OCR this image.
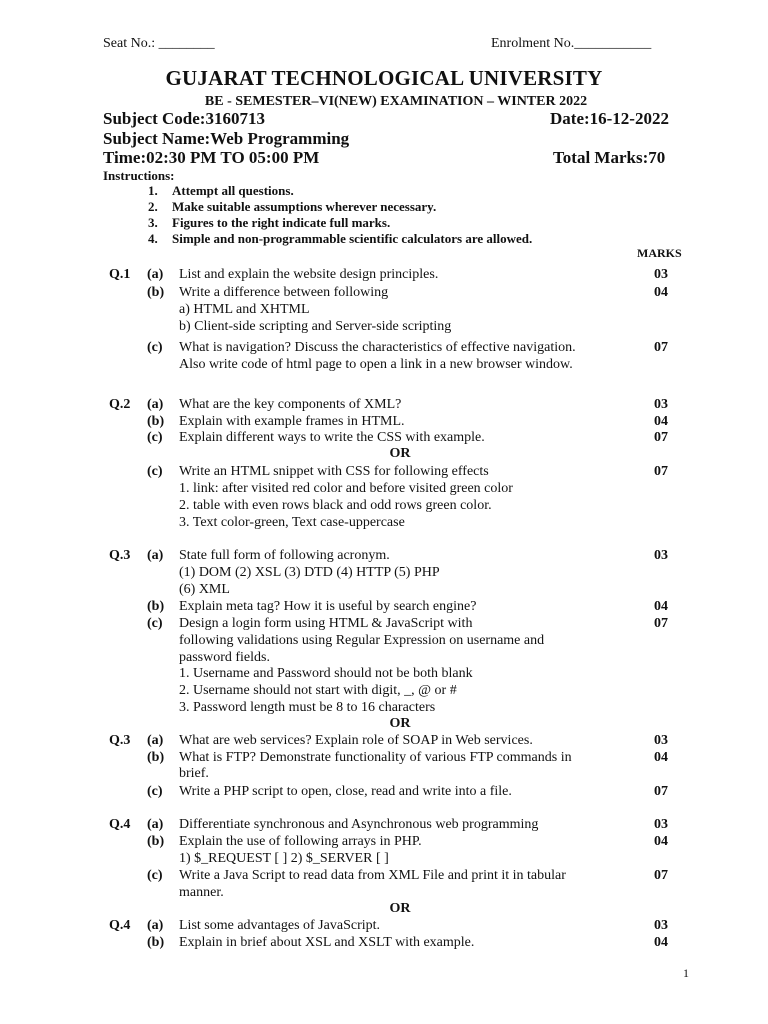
Seat No.: ________	Enrolment No.___________
GUJARAT TECHNOLOGICAL UNIVERSITY
BE - SEMESTER–VI(NEW) EXAMINATION – WINTER 2022
Subject Code:3160713	Date:16-12-2022
Subject Name:Web Programming
Time:02:30 PM TO 05:00 PM	Total Marks:70
Instructions:
1. Attempt all questions.
2. Make suitable assumptions wherever necessary.
3. Figures to the right indicate full marks.
4. Simple and non-programmable scientific calculators are allowed.
MARKS
Q.1 (a) List and explain the website design principles.	03
(b) Write a difference between following	04
a) HTML and XHTML
b) Client-side scripting and Server-side scripting
(c) What is navigation? Discuss the characteristics of effective navigation.	07
Also write code of html page to open a link in a new browser window.
Q.2 (a) What are the key components of XML?	03
(b) Explain with example frames in HTML.	04
(c) Explain different ways to write the CSS with example.	07
OR
(c) Write an HTML snippet with CSS for following effects	07
1. link: after visited red color and before visited green color
2. table with even rows black and odd rows green color.
3. Text color-green, Text case-uppercase
Q.3 (a) State full form of following acronym.	03
(1) DOM (2) XSL (3) DTD (4) HTTP (5) PHP
(6) XML
(b) Explain meta tag? How it is useful by search engine?	04
(c) Design a login form using HTML & JavaScript with	07
following validations using Regular Expression on username and
password fields.
1. Username and Password should not be both blank
2. Username should not start with digit, _, @ or #
3. Password length must be 8 to 16 characters
OR
Q.3 (a) What are web services? Explain role of SOAP in Web services.	03
(b) What is FTP? Demonstrate functionality of various FTP commands in	04
brief.
(c) Write a PHP script to open, close, read and write into a file.	07
Q.4 (a) Differentiate synchronous and Asynchronous web programming	03
(b) Explain the use of following arrays in PHP.	04
1) $_REQUEST [ ] 2) $_SERVER [ ]
(c) Write a Java Script to read data from XML File and print it in tabular	07
manner.
OR
Q.4 (a) List some advantages of JavaScript.	03
(b) Explain in brief about XSL and XSLT with example.	04
1
